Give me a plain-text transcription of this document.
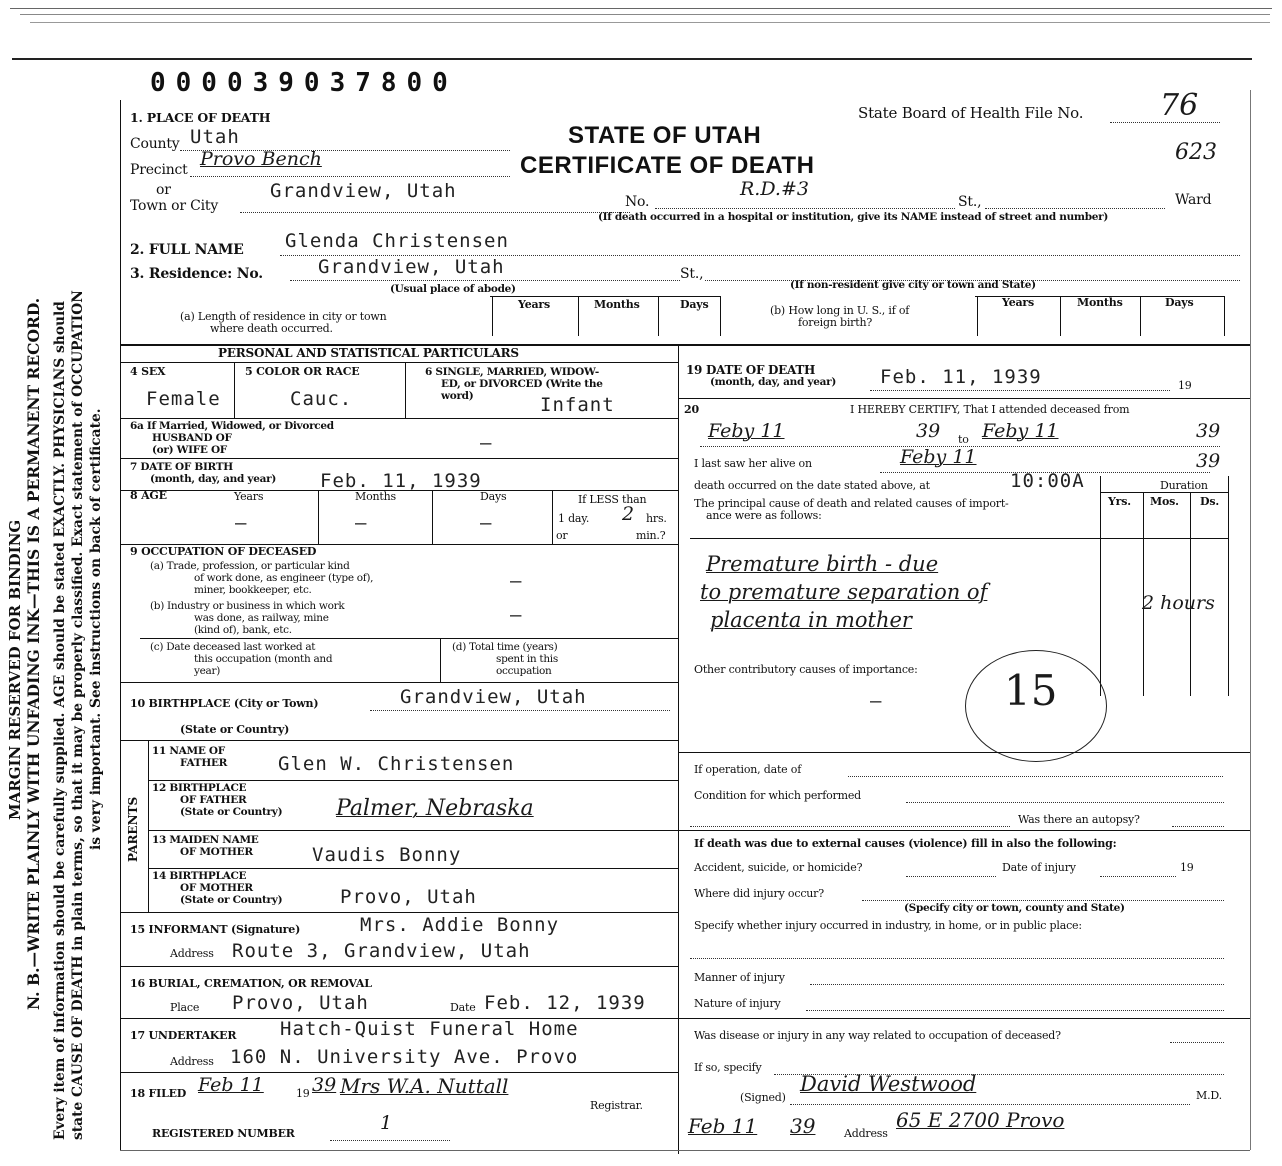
000039037800
MARGIN RESERVED FOR BINDING N. B.—WRITE PLAINLY WITH UNFADING INK—THIS IS A PERMANENT RECORD. Every item of information should be carefully supplied. AGE should be stated EXACTLY. PHYSICIANS should state CAUSE OF DEATH in plain terms, so that it may be properly classified. Exact statement of OCCUPATION is very important. See instructions on back of certificate.
1. PLACE OF DEATH
STATE OF UTAH
CERTIFICATE OF DEATH
State Board of Health File No.	76
623
County Utah
Precinct Provo Bench
or
Town or City
Grandview, Utah	No.
R.D.#3
St.,	Ward
(If death occurred in a hospital or institution, give its NAME instead of street and number)
2. FULL NAME Glenda Christensen
3. Residence: No.	Grandview, Utah	St.,
(Usual place of abode)	(If non-resident give city or town and State)
(a) Length of residence in city or town
where death occurred.
Years	Months	Days	(b) How long in U. S., if of
foreign birth?
Years	Months	Days
PERSONAL AND STATISTICAL PARTICULARS
4 SEX
Female
5 COLOR OR RACE
Cauc.
6 SINGLE, MARRIED, WIDOW-
ED, or DIVORCED (Write the
word)	Infant
6a If Married, Widowed, or Divorced
HUSBAND OF
(or) WIFE OF	—
7 DATE OF BIRTH
(month, day, and year) Feb. 11, 1939
8 AGE	Years	Months	Days
—	—	—
If LESS than
1 day. 2 hrs.
or	min.?
9 OCCUPATION OF DECEASED
(a) Trade, profession, or particular kind
of work done, as engineer (type of),
miner, bookkeeper, etc.	—
(b) Industry or business in which work
was done, as railway, mine
(kind of), bank, etc.
—
(c) Date deceased last worked at
this occupation (month and
year)
(d) Total time (years)
spent in this
occupation
10 BIRTHPLACE (City or Town)	Grandview, Utah
(State or Country)
PARENTS
11 NAME OF
FATHER	Glen W. Christensen
12 BIRTHPLACE
OF FATHER
(State or Country) Palmer, Nebraska
13 MAIDEN NAME
OF MOTHER	Vaudis Bonny
14 BIRTHPLACE
OF MOTHER
(State or Country)	Provo, Utah
15 INFORMANT (Signature)	Mrs. Addie Bonny
Address Route 3, Grandview, Utah
16 BURIAL, CREMATION, OR REMOVAL
Place Provo, Utah	Date Feb. 12, 1939
17 UNDERTAKER Hatch-Quist Funeral Home
Address 160 N. University Ave. Provo
18 FILED Feb 11	19 39 Mrs W.A. Nuttall
Registrar.
REGISTERED NUMBER	1
19 DATE OF DEATH
(month, day, and year) Feb. 11, 1939	19
20	I HEREBY CERTIFY, That I attended deceased from
Feby 11	39 to Feby 11	39
I last saw her alive on	Feby 11	39
death occurred on the date stated above, at	10:00A	Duration
The principal cause of death and related causes of import-
ance were as follows:
Yrs. Mos. Ds.
Premature birth - due
to premature separation of
placenta in mother
2 hours
Other contributory causes of importance: 15
—
If operation, date of
Condition for which performed
Was there an autopsy?
If death was due to external causes (violence) fill in also the following:
Accident, suicide, or homicide?	Date of injury	19
Where did injury occur?
(Specify city or town, county and State)
Specify whether injury occurred in industry, in home, or in public place:
Manner of injury
Nature of injury
Was disease or injury in any way related to occupation of deceased?
If so, specify
(Signed)
David Westwood	M.D.
Feb 11 39	Address
65 E 2700 Provo
